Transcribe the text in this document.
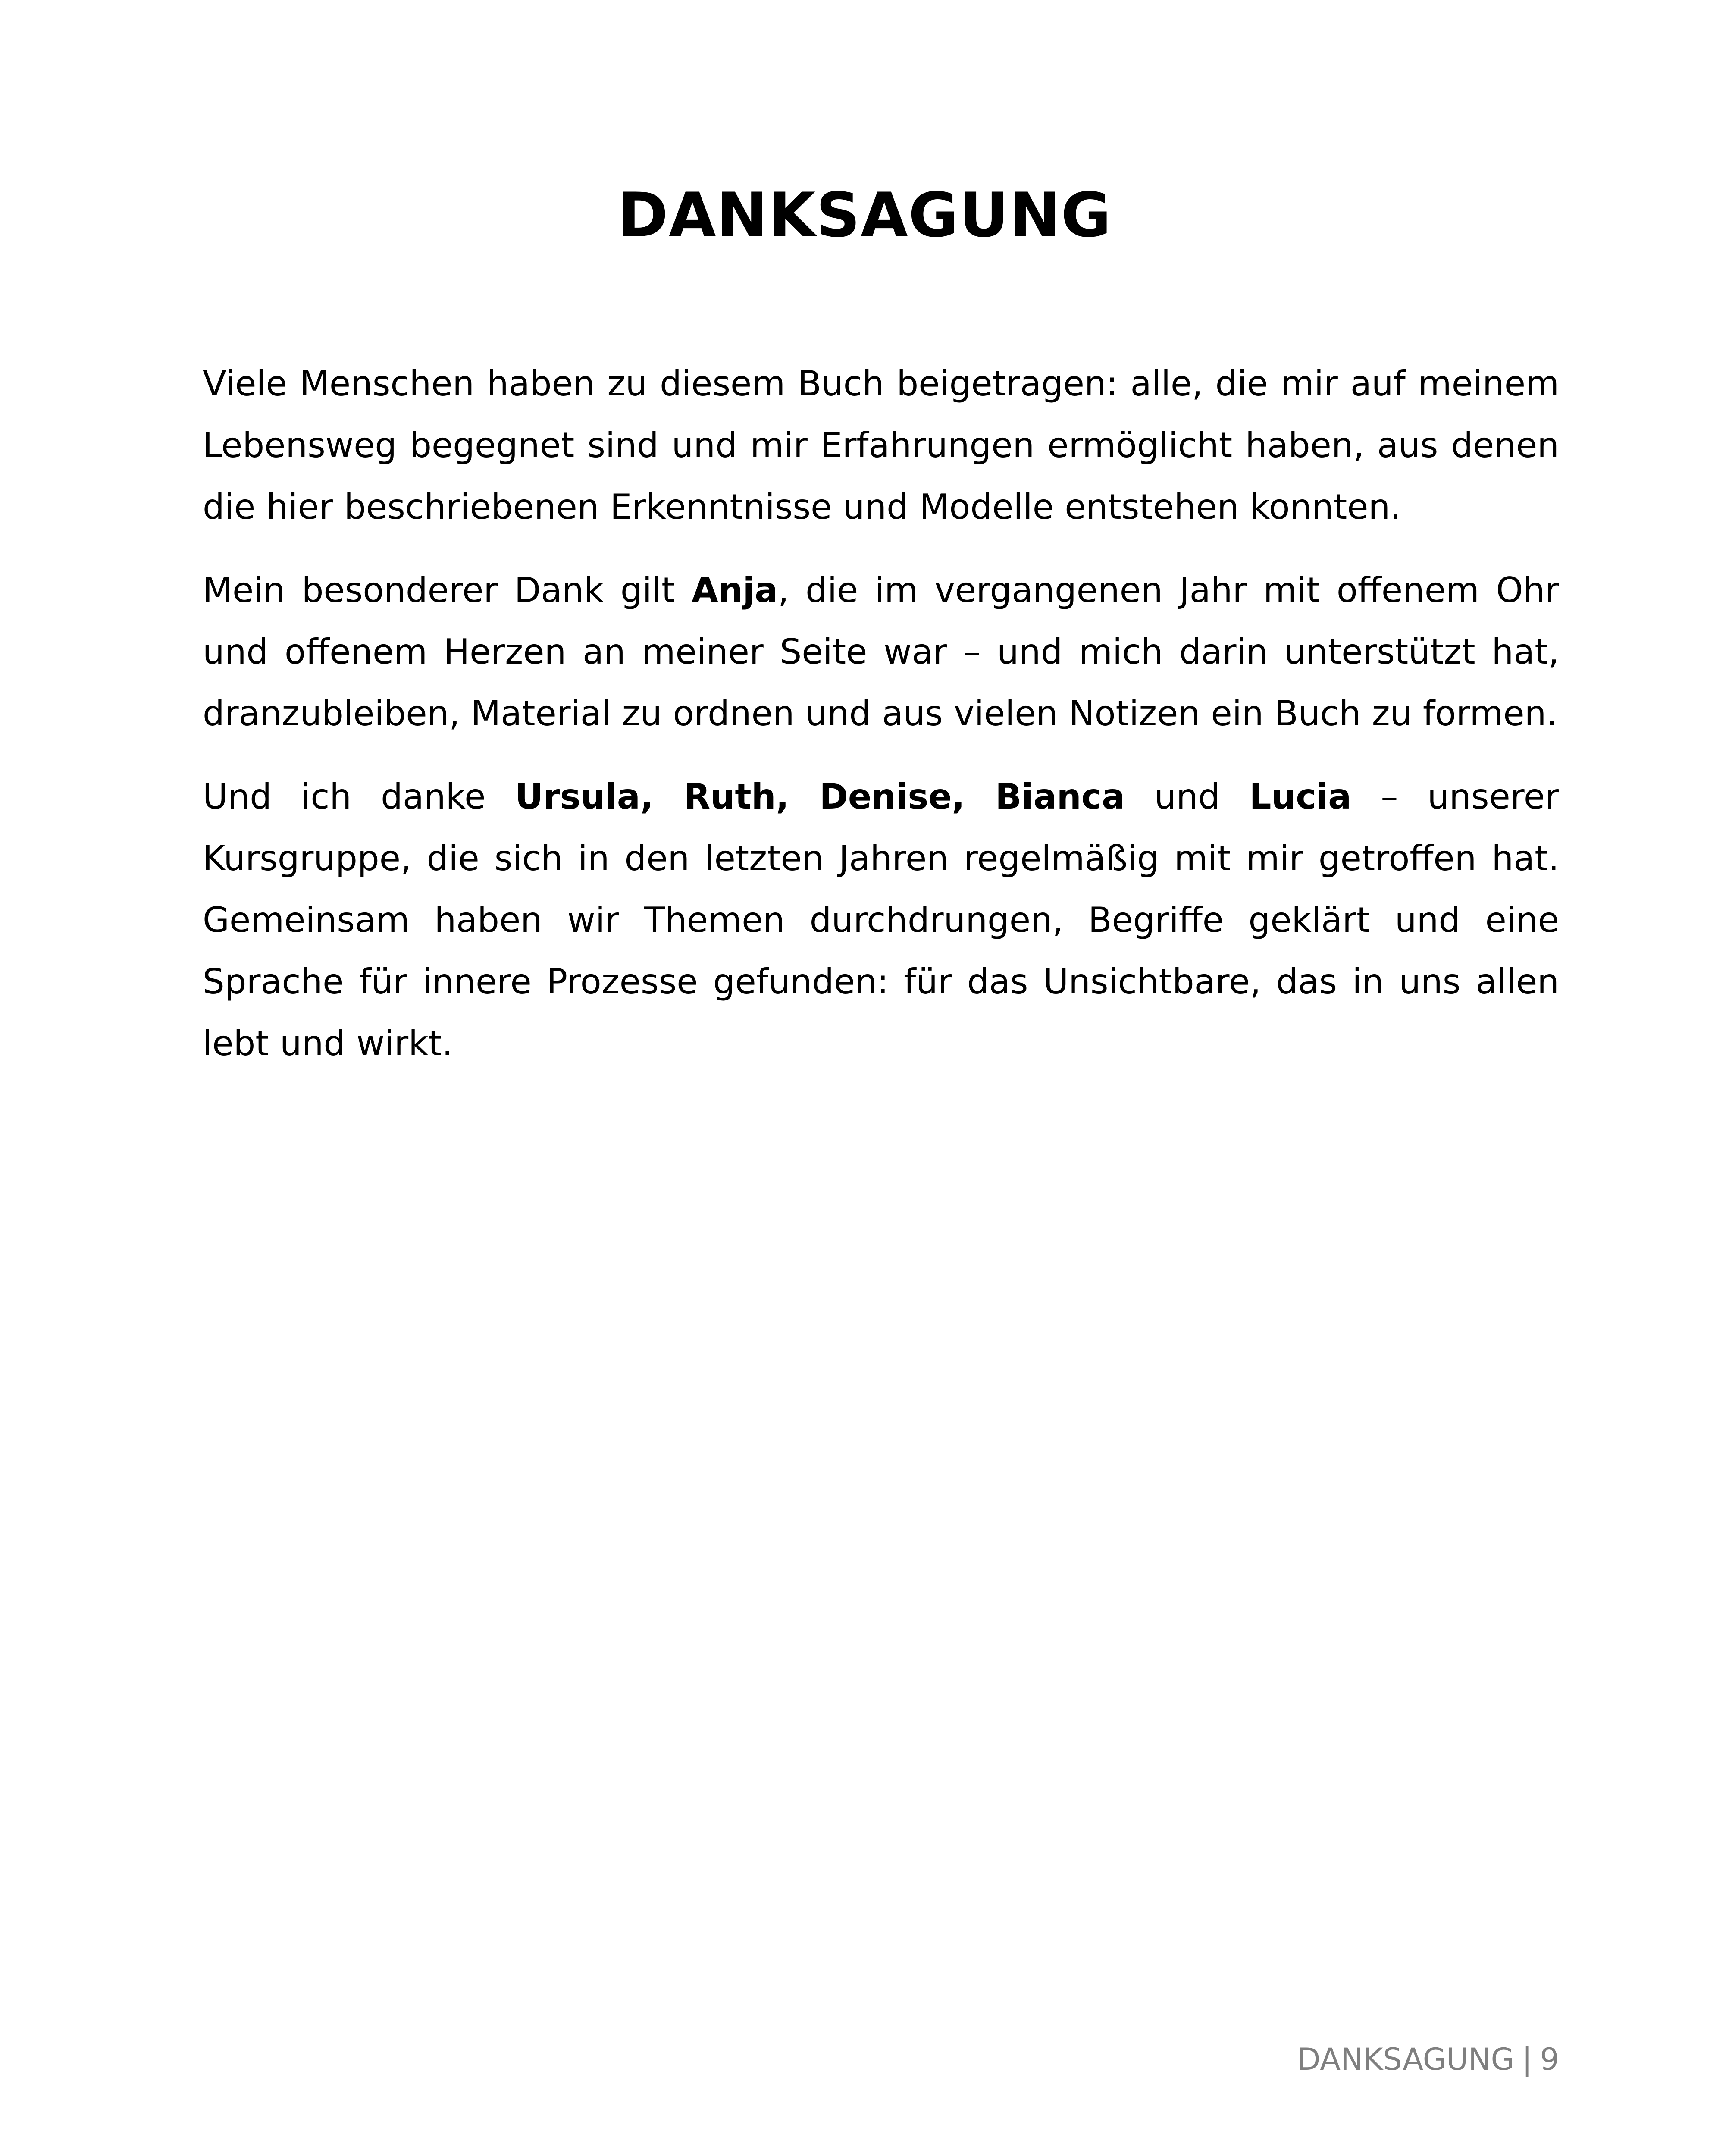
DANKSAGUNG

Viele Menschen haben zu diesem Buch beigetragen: alle, die mir auf meinem Lebensweg begegnet sind und mir Erfahrungen ermöglicht haben, aus denen die hier beschriebenen Erkenntnisse und Modelle entstehen konnten.

Mein besonderer Dank gilt Anja, die im vergangenen Jahr mit offenem Ohr und offenem Herzen an meiner Seite war – und mich darin unterstützt hat, dranzubleiben, Material zu ordnen und aus vielen Notizen ein Buch zu formen.

Und ich danke Ursula, Ruth, Denise, Bianca und Lucia – unserer Kursgruppe, die sich in den letzten Jahren regelmäßig mit mir getroffen hat. Gemeinsam haben wir Themen durchdrungen, Begriffe geklärt und eine Sprache für innere Prozesse gefunden: für das Unsichtbare, das in uns allen lebt und wirkt.

DANKSAGUNG | 9
